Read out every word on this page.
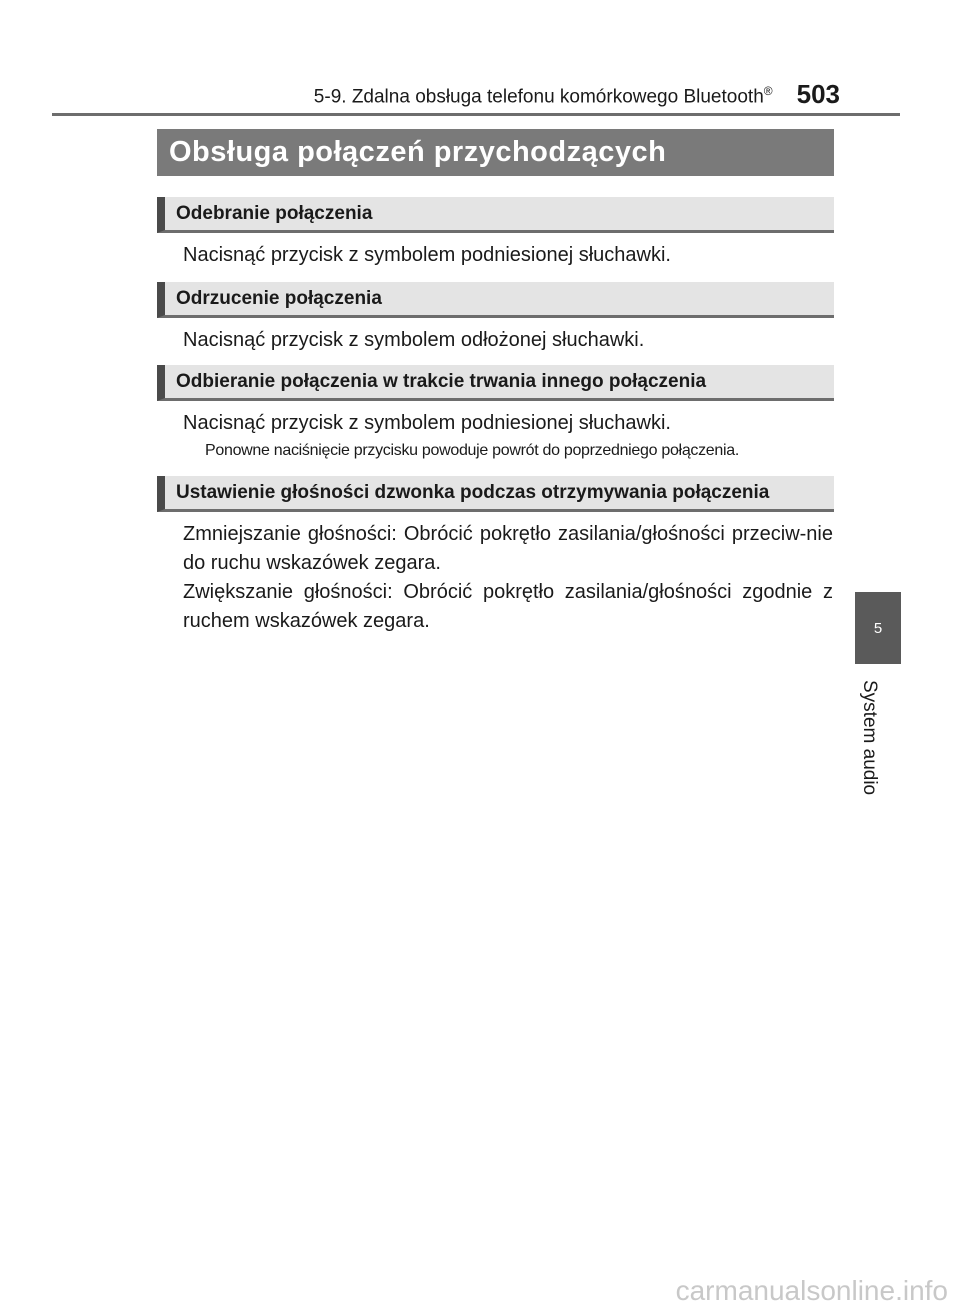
5-9. Zdalna obsługa telefonu komórkowego Bluetooth® 503
Obsługa połączeń przychodzących
Odebranie połączenia
Nacisnąć przycisk z symbolem podniesionej słuchawki.
Odrzucenie połączenia
Nacisnąć przycisk z symbolem odłożonej słuchawki.
Odbieranie połączenia w trakcie trwania innego połączenia
Nacisnąć przycisk z symbolem podniesionej słuchawki.
Ponowne naciśnięcie przycisku powoduje powrót do poprzedniego połączenia.
Ustawienie głośności dzwonka podczas otrzymywania połączenia
Zmniejszanie głośności: Obrócić pokrętło zasilania/głośności przeciw-nie do ruchu wskazówek zegara.
Zwiększanie głośności: Obrócić pokrętło zasilania/głośności zgodnie z ruchem wskazówek zegara.	5
System audio
carmanualsonline.info
